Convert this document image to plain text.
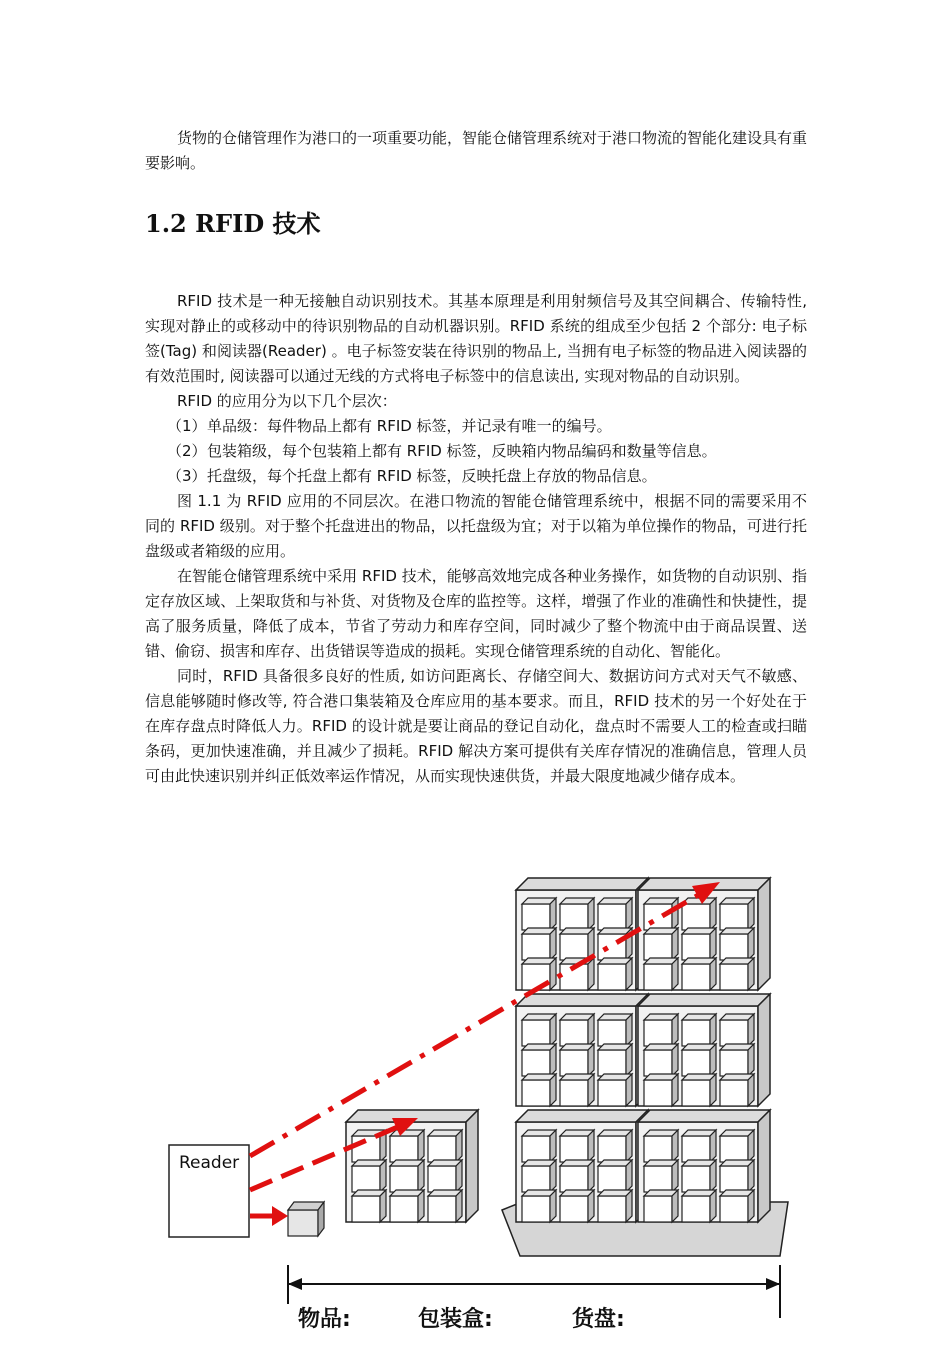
货物的仓储管理作为港口的一项重要功能，智能仓储管理系统对于港口物流的智能化建设具有重要影响。

1.2 RFID 技术

RFID 技术是一种无接触自动识别技术。其基本原理是利用射频信号及其空间耦合、传输特性, 实现对静止的或移动中的待识别物品的自动机器识别。RFID 系统的组成至少包括 2 个部分: 电子标签(Tag) 和阅读器(Reader) 。电子标签安装在待识别的物品上, 当拥有电子标签的物品进入阅读器的有效范围时, 阅读器可以通过无线的方式将电子标签中的信息读出, 实现对物品的自动识别。

RFID 的应用分为以下几个层次：

（1）单品级：每件物品上都有 RFID 标签，并记录有唯一的编号。

（2）包装箱级，每个包装箱上都有 RFID 标签，反映箱内物品编码和数量等信息。

（3）托盘级，每个托盘上都有 RFID 标签，反映托盘上存放的物品信息。

图 1.1 为 RFID 应用的不同层次。在港口物流的智能仓储管理系统中，根据不同的需要采用不同的 RFID 级别。对于整个托盘进出的物品，以托盘级为宜；对于以箱为单位操作的物品，可进行托盘级或者箱级的应用。

在智能仓储管理系统中采用 RFID 技术，能够高效地完成各种业务操作，如货物的自动识别、指定存放区域、上架取货和与补货、对货物及仓库的监控等。这样，增强了作业的准确性和快捷性，提高了服务质量，降低了成本，节省了劳动力和库存空间，同时减少了整个物流中由于商品误置、送错、偷窃、损害和库存、出货错误等造成的损耗。实现仓储管理系统的自动化、智能化。

同时，RFID 具备很多良好的性质, 如访问距离长、存储空间大、数据访问方式对天气不敏感、信息能够随时修改等, 符合港口集装箱及仓库应用的基本要求。而且，RFID 技术的另一个好处在于在库存盘点时降低人力。RFID 的设计就是要让商品的登记自动化，盘点时不需要人工的检查或扫瞄条码，更加快速准确，并且减少了损耗。RFID 解决方案可提供有关库存情况的准确信息，管理人员可由此快速识别并纠正低效率运作情况，从而实现快速供货，并最大限度地减少储存成本。

Reader
物品:	包装盒:	货盘:
